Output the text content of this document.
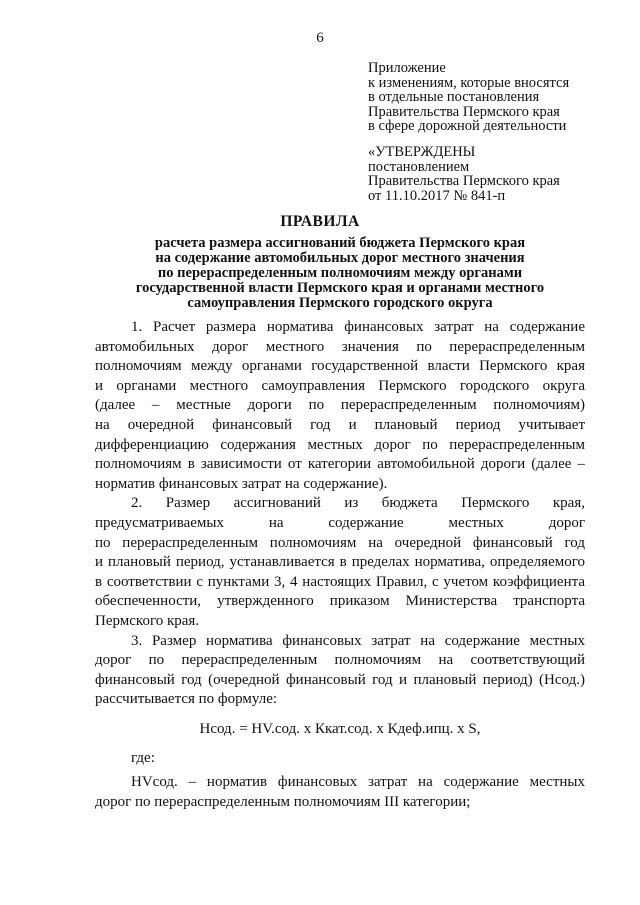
6
Приложение
к изменениям, которые вносятся
в отдельные постановления
Правительства Пермского края
в сфере дорожной деятельности
«УТВЕРЖДЕНЫ
постановлением
Правительства Пермского края
от 11.10.2017 № 841-п
ПРАВИЛА
расчета размера ассигнований бюджета Пермского края
на содержание автомобильных дорог местного значения
по перераспределенным полномочиям между органами
государственной власти Пермского края и органами местного
самоуправления Пермского городского округа
1. Расчет размера норматива финансовых затрат на содержание
автомобильных дорог местного значения по перераспределенным
полномочиям между органами государственной власти Пермского края
и органами местного самоуправления Пермского городского округа
(далее – местные дороги по перераспределенным полномочиям)
на очередной финансовый год и плановый период учитывает
дифференциацию содержания местных дорог по перераспределенным
полномочиям в зависимости от категории автомобильной дороги (далее –
норматив финансовых затрат на содержание).
2. Размер ассигнований из бюджета Пермского края,
предусматриваемых на содержание местных дорог
по перераспределенным полномочиям на очередной финансовый год
и плановый период, устанавливается в пределах норматива, определяемого
в соответствии с пунктами 3, 4 настоящих Правил, с учетом коэффициента
обеспеченности, утвержденного приказом Министерства транспорта
Пермского края.
3. Размер норматива финансовых затрат на содержание местных
дорог по перераспределенным полномочиям на соответствующий
финансовый год (очередной финансовый год и плановый период) (Нсод.)
рассчитывается по формуле:
Нсод. = HV.сод. х Ккат.сод. х Кдеф.ипц. х S,
где:
HVсод. – норматив финансовых затрат на содержание местных
дорог по перераспределенным полномочиям III категории;
